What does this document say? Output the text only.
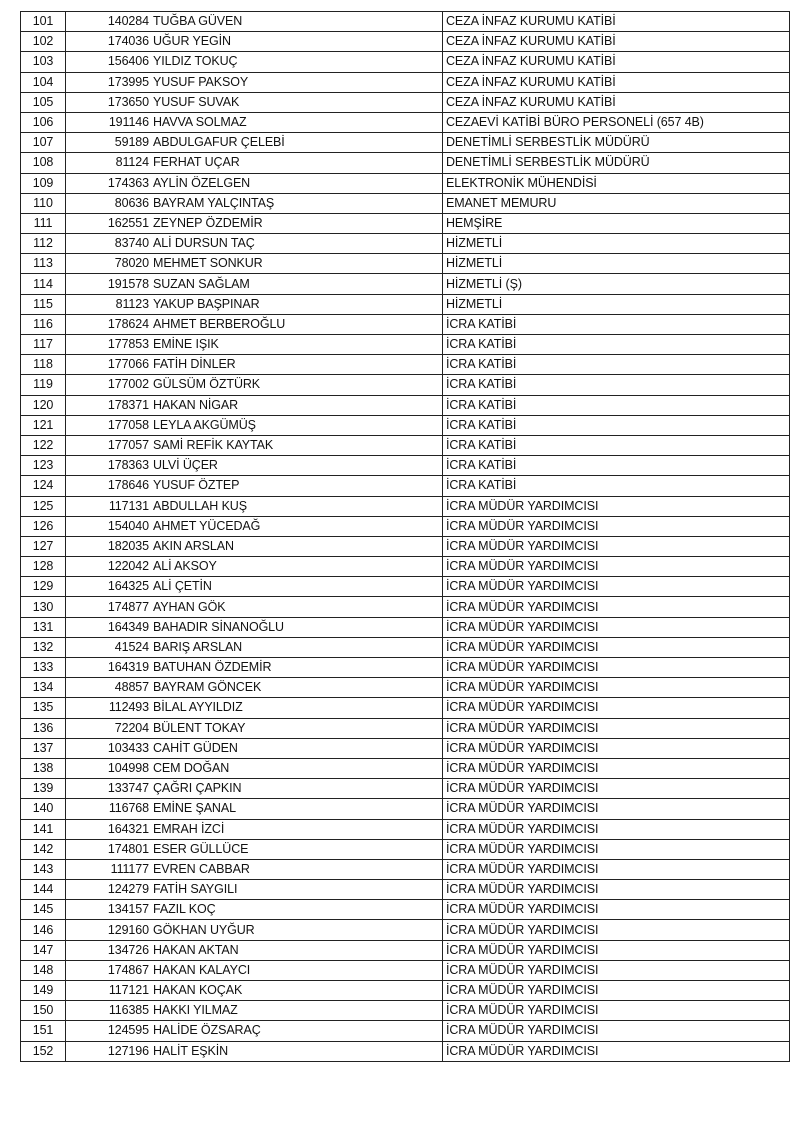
101	140284	TUĞBA GÜVEN	CEZA İNFAZ KURUMU KATİBİ
102	174036	UĞUR YEGİN	CEZA İNFAZ KURUMU KATİBİ
103	156406	YILDIZ TOKUÇ	CEZA İNFAZ KURUMU KATİBİ
104	173995	YUSUF PAKSOY	CEZA İNFAZ KURUMU KATİBİ
105	173650	YUSUF SUVAK	CEZA İNFAZ KURUMU KATİBİ
106	191146	HAVVA SOLMAZ	CEZAEVİ KATİBİ BÜRO PERSONELİ (657 4B)
107	59189	ABDULGAFUR ÇELEBİ	DENETİMLİ SERBESTLİK MÜDÜRÜ
108	81124	FERHAT UÇAR	DENETİMLİ SERBESTLİK MÜDÜRÜ
109	174363	AYLİN ÖZELGEN	ELEKTRONİK MÜHENDİSİ
110	80636	BAYRAM YALÇINTAŞ	EMANET MEMURU
111	162551	ZEYNEP ÖZDEMİR	HEMŞİRE
112	83740	ALİ DURSUN TAÇ	HİZMETLİ
113	78020	MEHMET SONKUR	HİZMETLİ
114	191578	SUZAN SAĞLAM	HİZMETLİ (Ş)
115	81123	YAKUP BAŞPINAR	HİZMETLİ
116	178624	AHMET BERBEROĞLU	İCRA KATİBİ
117	177853	EMİNE IŞIK	İCRA KATİBİ
118	177066	FATİH DİNLER	İCRA KATİBİ
119	177002	GÜLSÜM ÖZTÜRK	İCRA KATİBİ
120	178371	HAKAN NİGAR	İCRA KATİBİ
121	177058	LEYLA AKGÜMÜŞ	İCRA KATİBİ
122	177057	SAMİ REFİK KAYTAK	İCRA KATİBİ
123	178363	ULVİ ÜÇER	İCRA KATİBİ
124	178646	YUSUF ÖZTEP	İCRA KATİBİ
125	117131	ABDULLAH KUŞ	İCRA MÜDÜR YARDIMCISI
126	154040	AHMET YÜCEDAĞ	İCRA MÜDÜR YARDIMCISI
127	182035	AKIN ARSLAN	İCRA MÜDÜR YARDIMCISI
128	122042	ALİ AKSOY	İCRA MÜDÜR YARDIMCISI
129	164325	ALİ ÇETİN	İCRA MÜDÜR YARDIMCISI
130	174877	AYHAN GÖK	İCRA MÜDÜR YARDIMCISI
131	164349	BAHADIR SİNANOĞLU	İCRA MÜDÜR YARDIMCISI
132	41524	BARIŞ ARSLAN	İCRA MÜDÜR YARDIMCISI
133	164319	BATUHAN ÖZDEMİR	İCRA MÜDÜR YARDIMCISI
134	48857	BAYRAM GÖNCEK	İCRA MÜDÜR YARDIMCISI
135	112493	BİLAL AYYILDIZ	İCRA MÜDÜR YARDIMCISI
136	72204	BÜLENT TOKAY	İCRA MÜDÜR YARDIMCISI
137	103433	CAHİT GÜDEN	İCRA MÜDÜR YARDIMCISI
138	104998	CEM DOĞAN	İCRA MÜDÜR YARDIMCISI
139	133747	ÇAĞRI ÇAPKIN	İCRA MÜDÜR YARDIMCISI
140	116768	EMİNE ŞANAL	İCRA MÜDÜR YARDIMCISI
141	164321	EMRAH İZCİ	İCRA MÜDÜR YARDIMCISI
142	174801	ESER GÜLLÜCE	İCRA MÜDÜR YARDIMCISI
143	111177	EVREN CABBAR	İCRA MÜDÜR YARDIMCISI
144	124279	FATİH SAYGILI	İCRA MÜDÜR YARDIMCISI
145	134157	FAZIL KOÇ	İCRA MÜDÜR YARDIMCISI
146	129160	GÖKHAN UYĞUR	İCRA MÜDÜR YARDIMCISI
147	134726	HAKAN AKTAN	İCRA MÜDÜR YARDIMCISI
148	174867	HAKAN KALAYCI	İCRA MÜDÜR YARDIMCISI
149	117121	HAKAN KOÇAK	İCRA MÜDÜR YARDIMCISI
150	116385	HAKKI YILMAZ	İCRA MÜDÜR YARDIMCISI
151	124595	HALİDE ÖZSARAÇ	İCRA MÜDÜR YARDIMCISI
152	127196	HALİT EŞKİN	İCRA MÜDÜR YARDIMCISI
